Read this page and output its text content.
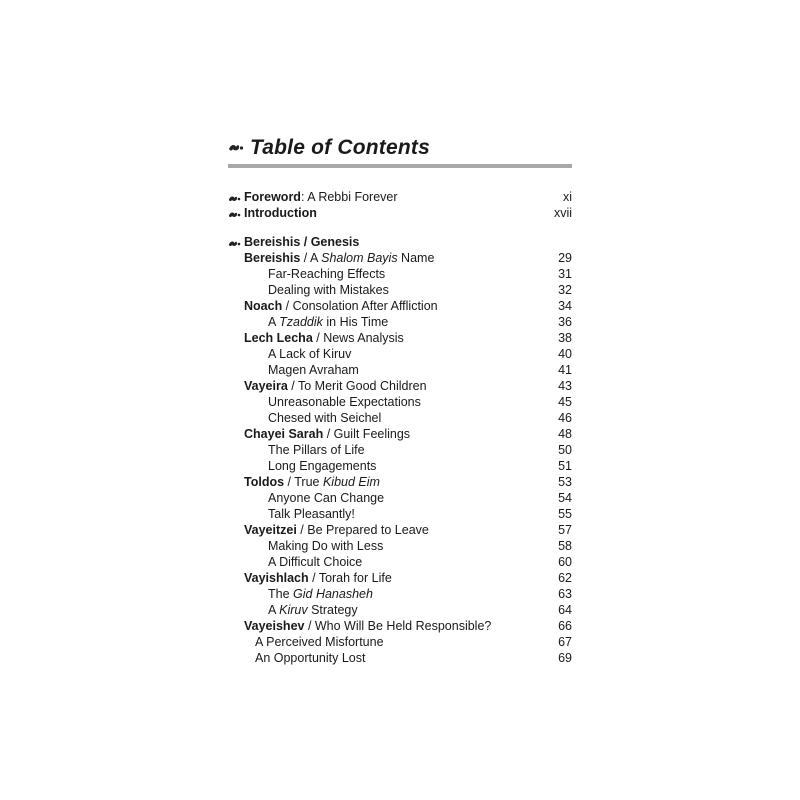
Table of Contents
Foreword: A Rebbi Forever	xi
Introduction	xvii
Bereishis / Genesis
Bereishis / A Shalom Bayis Name	29
Far-Reaching Effects	31
Dealing with Mistakes	32
Noach / Consolation After Affliction	34
A Tzaddik in His Time	36
Lech Lecha / News Analysis	38
A Lack of Kiruv	40
Magen Avraham	41
Vayeira / To Merit Good Children	43
Unreasonable Expectations	45
Chesed with Seichel	46
Chayei Sarah / Guilt Feelings	48
The Pillars of Life	50
Long Engagements	51
Toldos / True Kibud Eim	53
Anyone Can Change	54
Talk Pleasantly!	55
Vayeitzei / Be Prepared to Leave	57
Making Do with Less	58
A Difficult Choice	60
Vayishlach / Torah for Life	62
The Gid Hanasheh	63
A Kiruv Strategy	64
Vayeishev / Who Will Be Held Responsible?	66
A Perceived Misfortune	67
An Opportunity Lost	69
